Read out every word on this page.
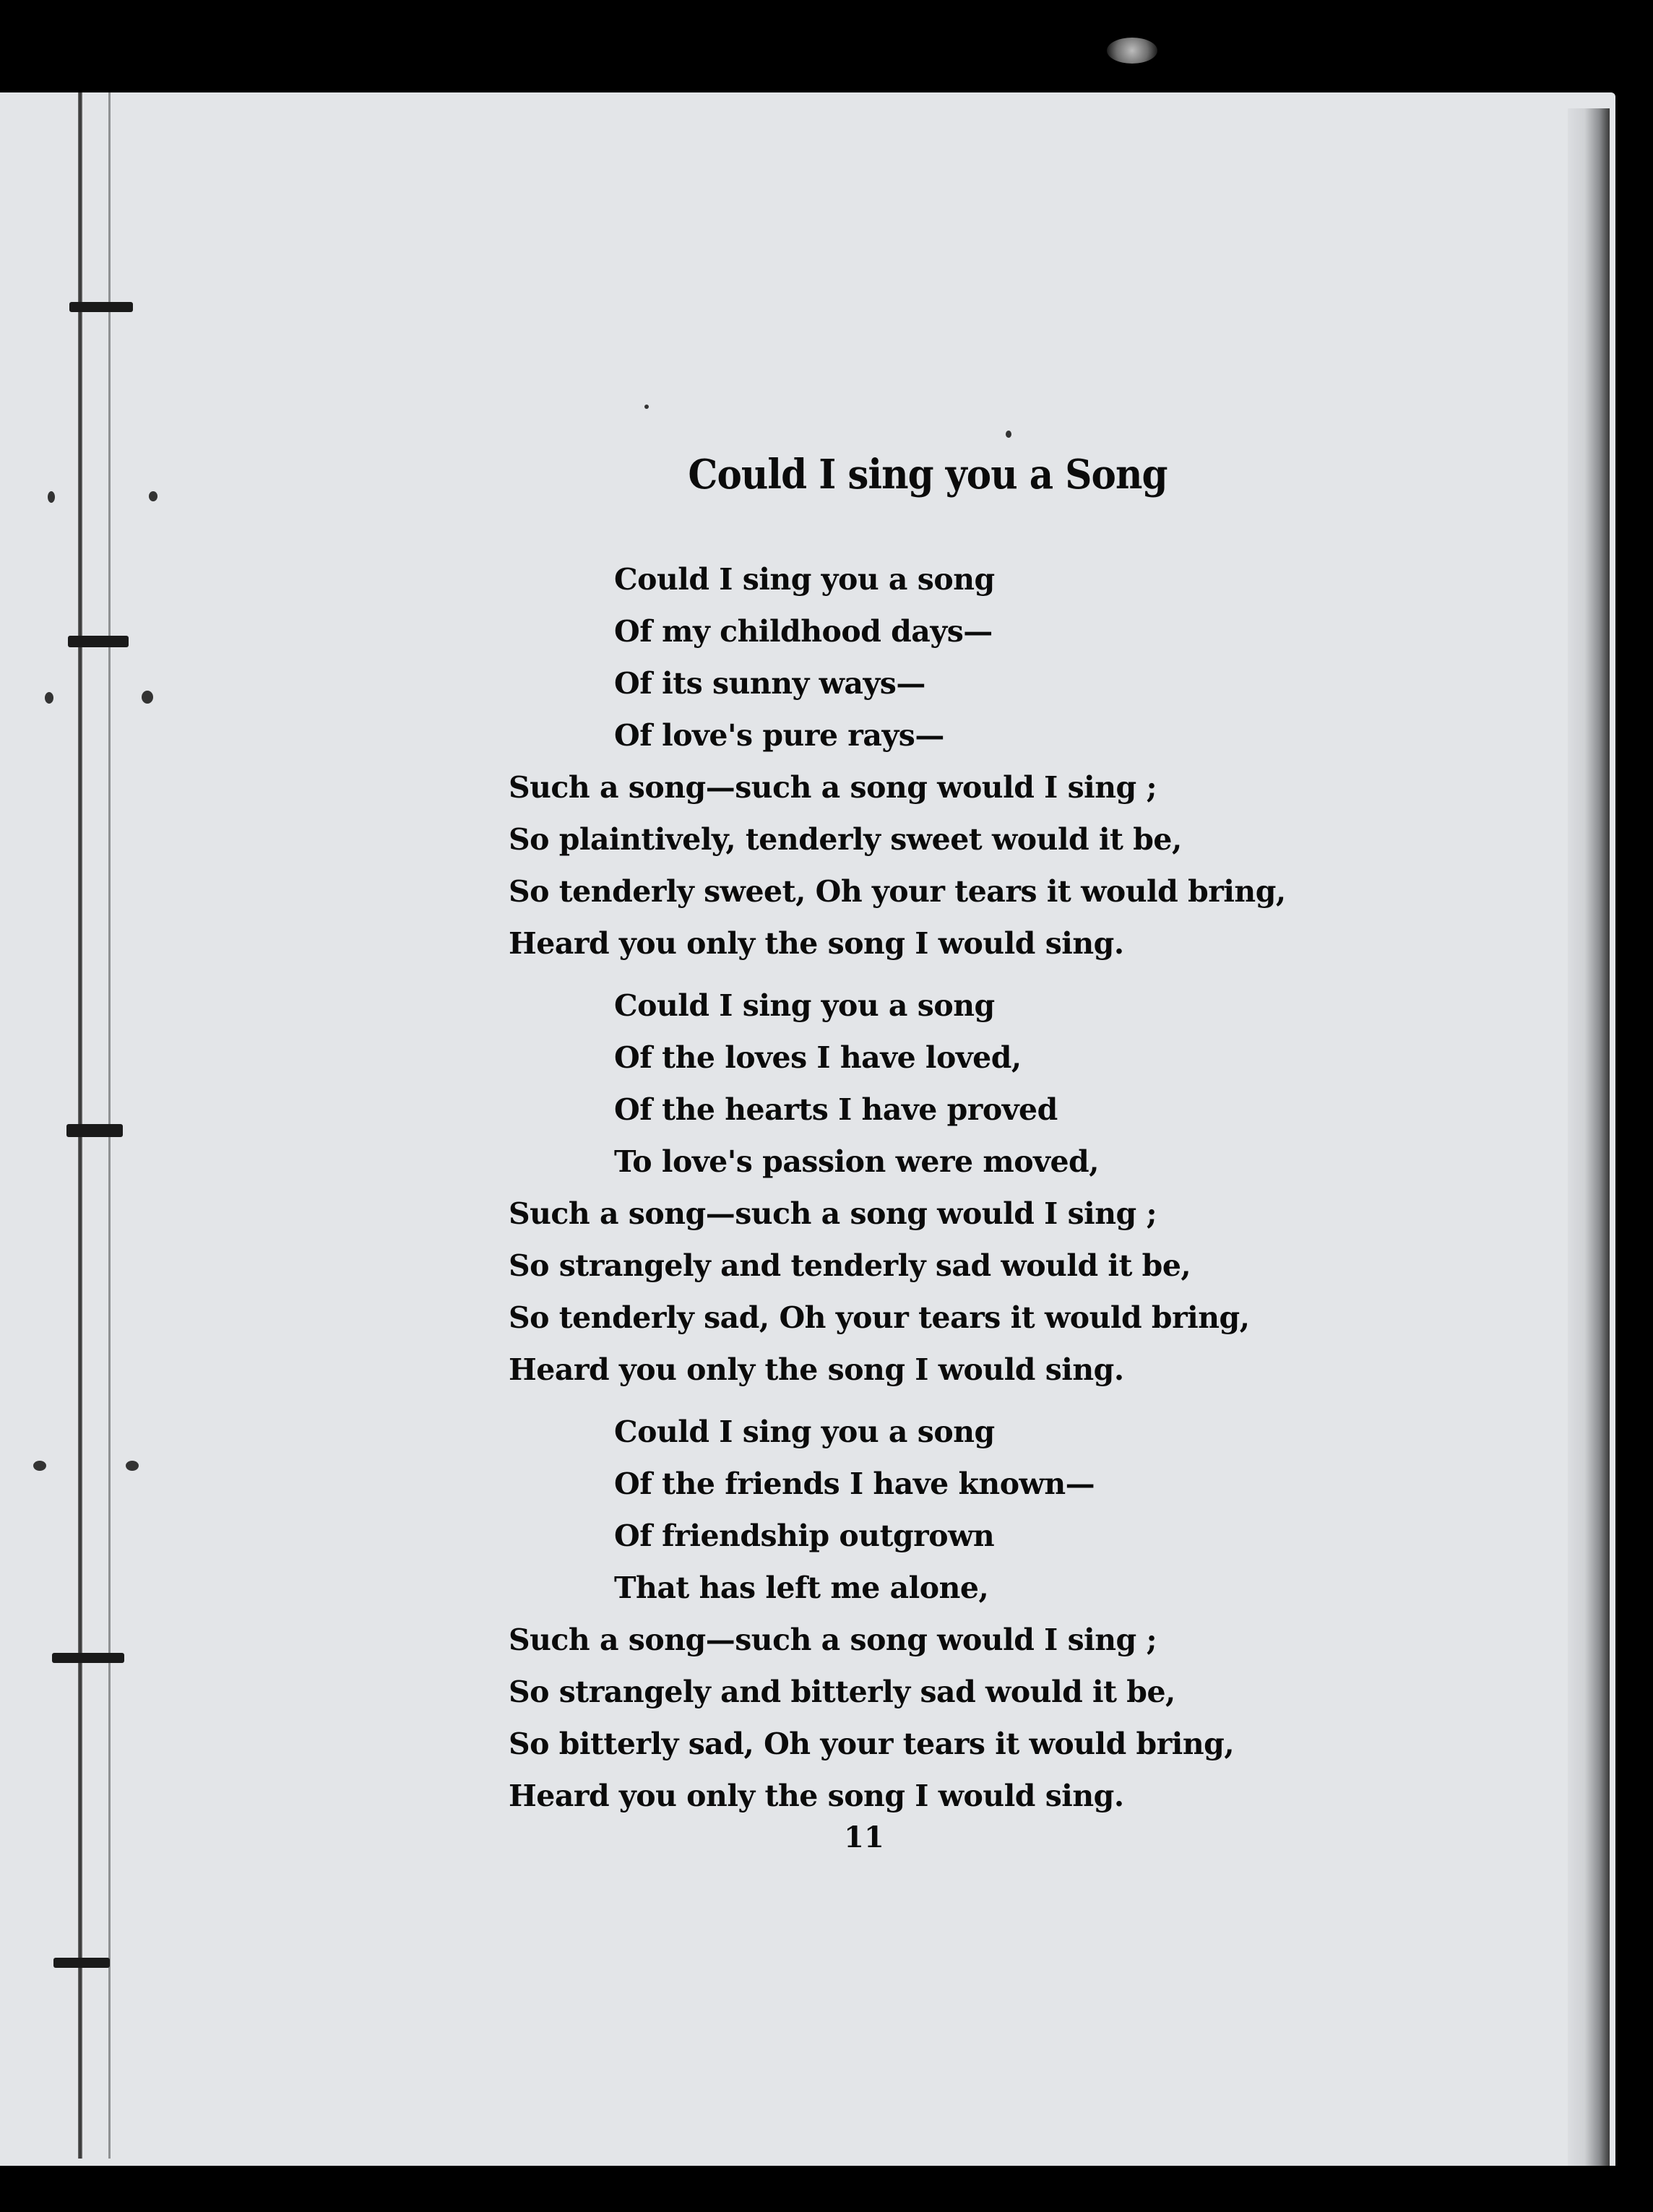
Could I sing you a Song
Could I sing you a song
Of my childhood days—
Of its sunny ways—
Of love's pure rays—
Such a song—such a song would I sing ;
So plaintively, tenderly sweet would it be,
So tenderly sweet, Oh your tears it would bring,
Heard you only the song I would sing.
Could I sing you a song
Of the loves I have loved,
Of the hearts I have proved
To love's passion were moved,
Such a song—such a song would I sing ;
So strangely and tenderly sad would it be,
So tenderly sad, Oh your tears it would bring,
Heard you only the song I would sing.
Could I sing you a song
Of the friends I have known—
Of friendship outgrown
That has left me alone,
Such a song—such a song would I sing ;
So strangely and bitterly sad would it be,
So bitterly sad, Oh your tears it would bring,
Heard you only the song I would sing.
11
